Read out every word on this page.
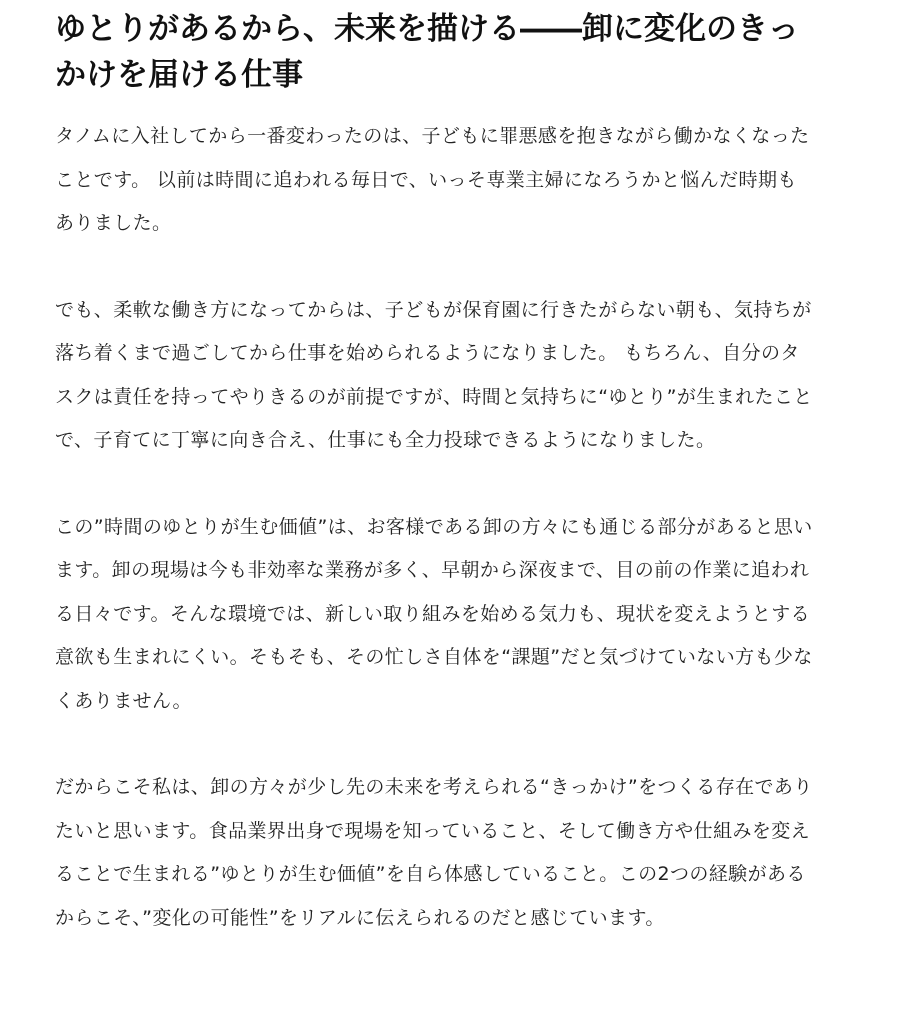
ゆとりがあるから、未来を描ける――卸に変化のきっかけを届ける仕事

タノムに入社してから一番変わったのは、子どもに罪悪感を抱きながら働かなくなったことです。 以前は時間に追われる毎日で、いっそ専業主婦になろうかと悩んだ時期もありました。

でも、柔軟な働き方になってからは、子どもが保育園に行きたがらない朝も、気持ちが落ち着くまで過ごしてから仕事を始められるようになりました。 もちろん、自分のタスクは責任を持ってやりきるのが前提ですが、時間と気持ちに“ゆとり”が生まれたことで、子育てに丁寧に向き合え、仕事にも全力投球できるようになりました。

この”時間のゆとりが生む価値”は、お客様である卸の方々にも通じる部分があると思います。卸の現場は今も非効率な業務が多く、早朝から深夜まで、目の前の作業に追われる日々です。そんな環境では、新しい取り組みを始める気力も、現状を変えようとする意欲も生まれにくい。そもそも、その忙しさ自体を“課題”だと気づけていない方も少なくありません。

だからこそ私は、卸の方々が少し先の未来を考えられる“きっかけ”をつくる存在でありたいと思います。食品業界出身で現場を知っていること、そして働き方や仕組みを変えることで生まれる”ゆとりが生む価値”を自ら体感していること。この2つの経験があるからこそ、”変化の可能性”をリアルに伝えられるのだと感じています。
